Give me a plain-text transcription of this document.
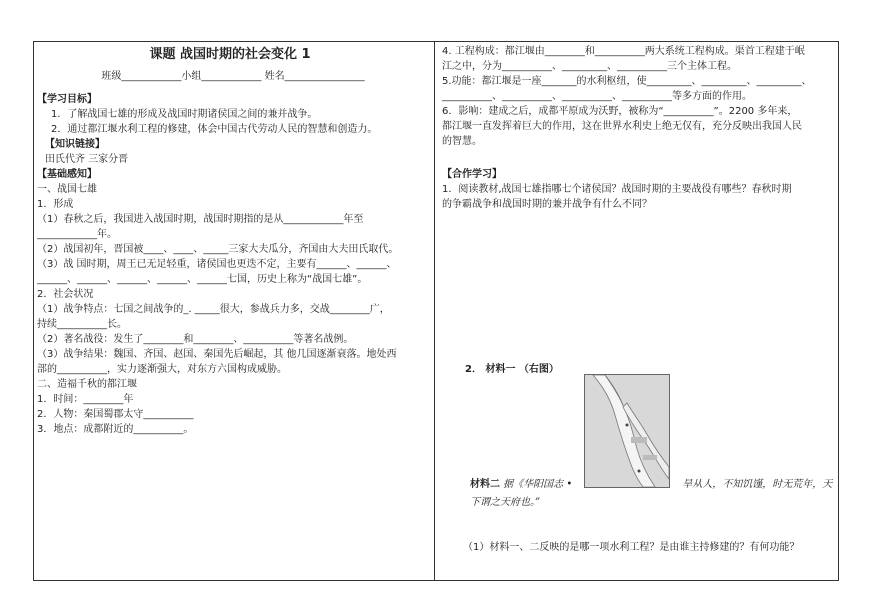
课题 战国时期的社会变化 1
班级____________小组____________ 姓名________________
【学习目标】
1．了解战国七雄的形成及战国时期诸侯国之间的兼并战争。
2．通过都江堰水利工程的修建，体会中国古代劳动人民的智慧和创造力。
【知识链接】
田氏代齐 三家分晋
【基础感知】
一、战国七雄
1．形成
（1）春秋之后，我国进入战国时期，战国时期指的是从____________年至
____________年。
（2）战国初年，晋国被____、____、_____三家大夫瓜分，齐国由大夫田氏取代。
（3）战 国时期，周王已无足轻重，诸侯国也更迭不定，主要有______、______、
______、______、______、______、______七国，历史上称为“战国七雄”。
2．社会状况
（1）战争特点：七国之间战争的_. _____很大，参战兵力多，交战________广，
持续__________长。
（2）著名战役：发生了________和________、__________等著名战例。
（3）战争结果：魏国、齐国、赵国、秦国先后崛起，其 他几国逐渐衰落。地处西
部的__________，实力逐渐强大，对东方六国构成威胁。
二、造福千秋的都江堰
1．时间：________年
2．人物：秦国蜀郡太守__________
3．地点：成都附近的__________。
4. 工程构成：都江堰由________和__________两大系统工程构成。渠首工程建于岷
江之中，分为__________、_________、__________三个主体工程。
5.功能：都江堰是一座_______的水利枢纽，使_________、_________、_________、
__________、__________、__________、__________等多方面的作用。
6．影响：建成之后，成都平原成为沃野，被称为“__________”。2200 多年来，
都江堰一直发挥着巨大的作用，这在世界水利史上绝无仅有，充分反映出我国人民
的智慧。
【合作学习】
1．阅读教材,战国七雄指哪七个诸侯国？战国时期的主要战役有哪些？春秋时期
的争霸战争和战国时期的兼并战争有什么不同？
2． 材料一 （右图）
材料二 据《华阳国志 •	旱从人，不知饥馑，时无荒年，天
下谓之天府也。”
（1）材料一、二反映的是哪一项水利工程？是由谁主持修建的？有何功能？
